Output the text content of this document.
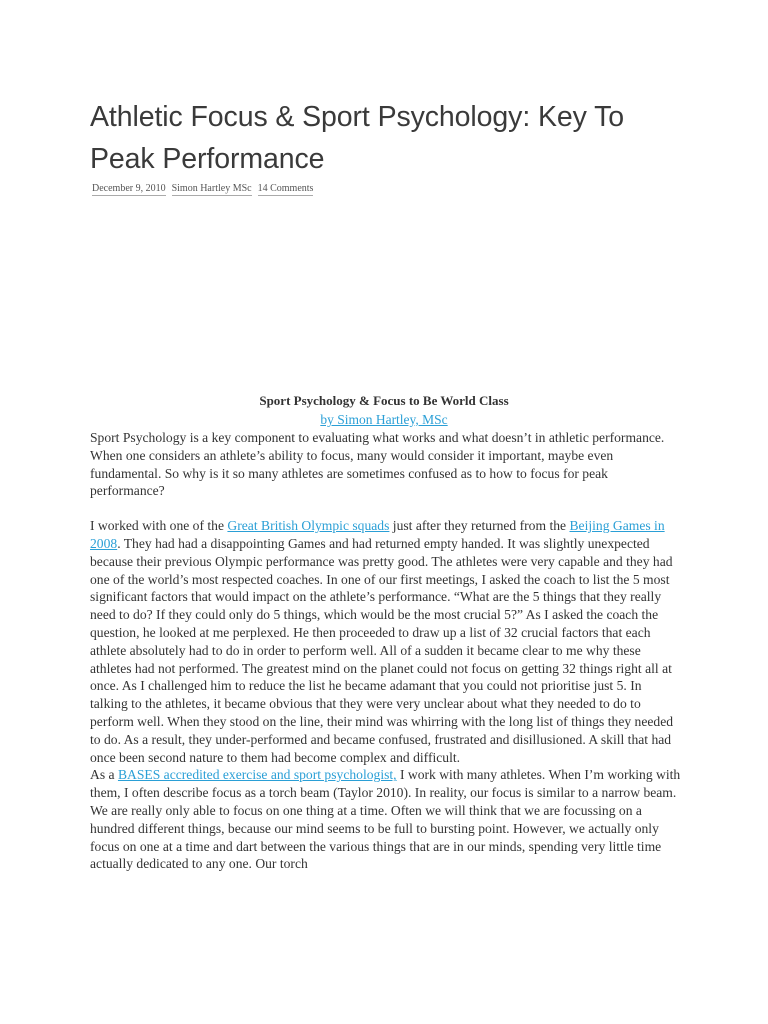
Athletic Focus & Sport Psychology: Key To Peak Performance
December 9, 2010 Simon Hartley MSc 14 Comments
Sport Psychology & Focus to Be World Class
by Simon Hartley, MSc

Sport Psychology is a key component to evaluating what works and what doesn’t in athletic performance. When one considers an athlete’s ability to focus, many would consider it important, maybe even fundamental. So why is it so many athletes are sometimes confused as to how to focus for peak performance?

I worked with one of the Great British Olympic squads just after they returned from the Beijing Games in 2008. They had had a disappointing Games and had returned empty handed. It was slightly unexpected because their previous Olympic performance was pretty good. The athletes were very capable and they had one of the world’s most respected coaches. In one of our first meetings, I asked the coach to list the 5 most significant factors that would impact on the athlete’s performance. “What are the 5 things that they really need to do? If they could only do 5 things, which would be the most crucial 5?” As I asked the coach the question, he looked at me perplexed. He then proceeded to draw up a list of 32 crucial factors that each athlete absolutely had to do in order to perform well. All of a sudden it became clear to me why these athletes had not performed. The greatest mind on the planet could not focus on getting 32 things right all at once. As I challenged him to reduce the list he became adamant that you could not prioritise just 5. In talking to the athletes, it became obvious that they were very unclear about what they needed to do to perform well. When they stood on the line, their mind was whirring with the long list of things they needed to do. As a result, they under-performed and became confused, frustrated and disillusioned. A skill that had once been second nature to them had become complex and difficult.

As a BASES accredited exercise and sport psychologist, I work with many athletes. When I’m working with them, I often describe focus as a torch beam (Taylor 2010). In reality, our focus is similar to a narrow beam. We are really only able to focus on one thing at a time. Often we will think that we are focussing on a hundred different things, because our mind seems to be full to bursting point. However, we actually only focus on one at a time and dart between the various things that are in our minds, spending very little time actually dedicated to any one. Our torch
